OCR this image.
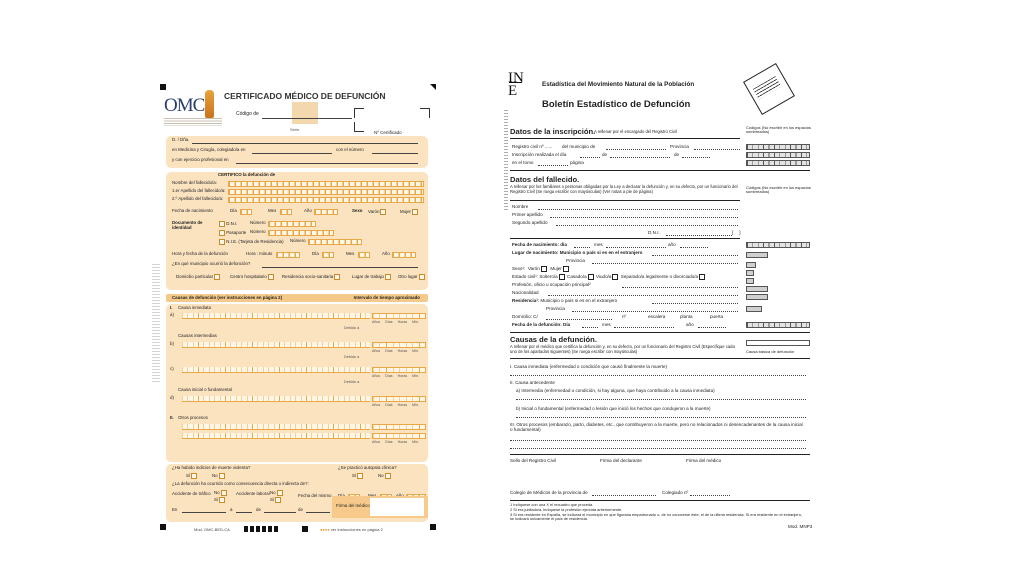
OMC CERTIFICADO MÉDICO DE DEFUNCIÓN
Código de
Serie
Nº Certificado
D. / Dña.
en Medicina y Cirugía, colegiado/a en	con el número
y con ejercicio profesional en
CERTIFICO la defunción de
Nombre del fallecido/a:
1.er Apellido del fallecido/a:
2.º Apellido del fallecido/a:
Fecha de nacimiento	Día	Mes	Año	Sexo Varón	Mujer
Documento de identidad
D.N.I.	Número
Pasaporte Número
N.I.E. (Tarjeta de Residencia) Número
Hora y fecha de la defunción	Hora : minuto	Día	Mes	Año
¿En qué municipio ocurrió la defunción?
Domicilio particular	Centro hospitalario	Residencia socio-sanitaria	Lugar de trabajo	Otro lugar
Causas de defunción (ver instrucciones en página 2)	Intervalo de tiempo aproximado
I. Causa inmediata
a)
Años Días Horas Min.
Debido a
Causas intermedias
b)
Años Días Horas Min.
Debido a
c)
Años Días Horas Min.
Debido a
Causa inicial o fundamental
d)
Años Días Horas Min.
II. Otros procesos
Años Días Horas Min.
¿Ha habido indicios de muerte violenta?	¿Se practicó autopsia clínica?
Sí	No	Sí	No
¿La defunción ha ocurrido como consecuencia directa o indirecta de?:
Accidente de tráfico No
Sí
Accidente laboral No
Sí
Fecha del mismo
En	a	de	de
Firma del médico
Mod. OMC-BED-CA	●●●● ver instrucciones en página 2
IN
E	Estadística del Movimiento Natural de la Población
Boletín Estadístico de Defunción
Datos de la inscripción.
A rellenar por el encargado del Registro Civil
Códigos (No escribir en los espacios sombreados)
Registro civil nº ...... del municipio de	Provincia
Inscripción realizada el día	de	de
en el tomo	página
Datos del fallecido.
A rellenar por los familiares o personas obligadas por la Ley a declarar la defunción y, en su defecto, por un funcionario del Registro Civil (Se ruega escribir con mayúsculas) (Ver notas a pie de página)
Códigos (No escribir en los espacios sombreados)
Nombre
Primer apellido
Segundo apellido
D.N.I.	[ ]
Fecha de nacimiento: día	mes	año
Lugar de nacimiento: Municipio o país si es en el extranjero
Provincia
Sexo¹:  Varón Mujer
Estado civil¹: Soltero/a Casado/a Viudo/a Separado/a legalmente o divorciado/a
Profesión, oficio u ocupación principal²
Nacionalidad
Residencia³: Municipio o país si es en el extranjero
Provincia
Domicilio: C/	nº	escalera	planta	puerta
Fecha de la defunción: Día	mes	año
Causas de la defunción.
A rellenar por el médico que certifica la defunción y, en su defecto, por un funcionario del Registro Civil (Especifique cada uno de los apartados siguientes) (Se ruega escribir con mayúsculas)	Causa básica de defunción
I. Causa inmediata (enfermedad o condición que causó finalmente la muerte)
II. Causa antecedente
a) Intermedia (enfermedad o condición, si hay alguna, que haya contribuido a la causa inmediata)
b) Inicial o fundamental (enfermedad o lesión que inició los hechos que condujeron a la muerte)
III. Otros procesos (embarazo, parto, diabetes, etc., que contribuyeron a la muerte, pero no relacionados ni desencadenantes de la causa inicial o fundamental)
Sello del Registro Civil	Firma del declarante	Firma del médico
Colegio de Médicos de la provincia de	Colegiado nº
1 Indíquese con una X el recuadro que proceda.
2 Si era jubilado/a, indíquese la profesión ejercida anteriormente.
3 Si era residente en España, se indicará el municipio en que figuraba empadronado o, de no conocerse éste, el de la última residencia. Si era residente en el extranjero, se indicará únicamente el país de residencia.
Mod. MNP3
